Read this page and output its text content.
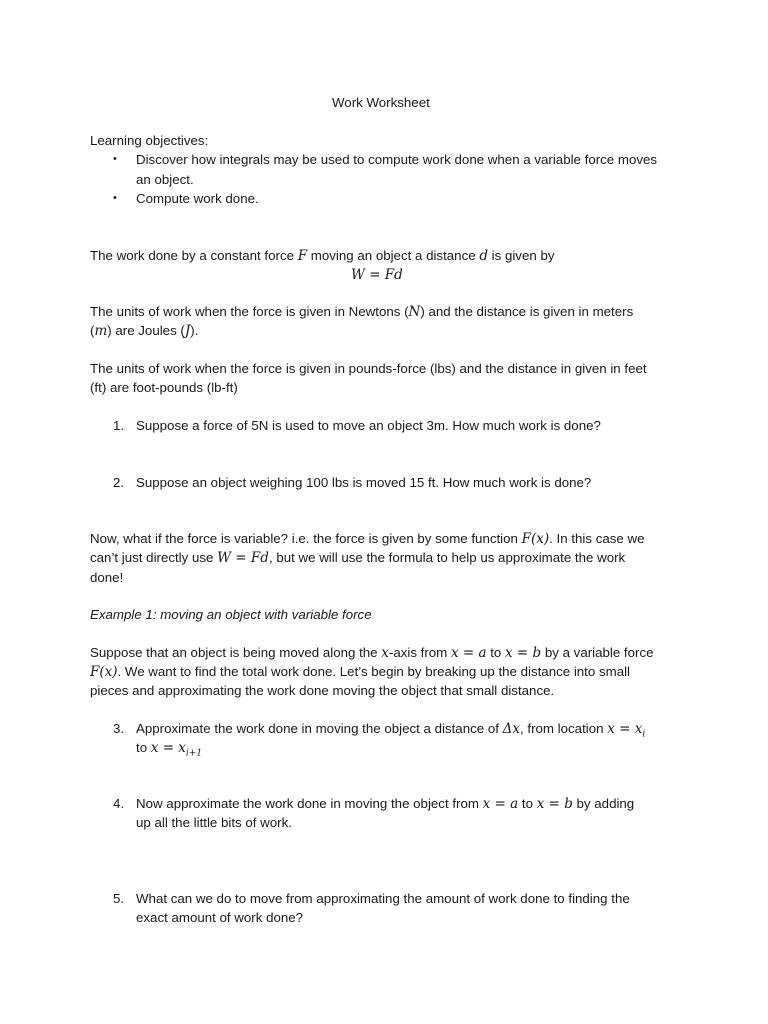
Work Worksheet
Learning objectives:
• Discover how integrals may be used to compute work done when a variable force moves
an object.
• Compute work done.
The work done by a constant force F moving an object a distance d is given by
W = Fd
The units of work when the force is given in Newtons (N) and the distance is given in meters
(m) are Joules (J).
The units of work when the force is given in pounds-force (lbs) and the distance in given in feet
(ft) are foot-pounds (lb-ft)
1. Suppose a force of 5N is used to move an object 3m. How much work is done?
2. Suppose an object weighing 100 lbs is moved 15 ft. How much work is done?
Now, what if the force is variable? i.e. the force is given by some function F(x). In this case we
can’t just directly use W = Fd, but we will use the formula to help us approximate the work
done!
Example 1: moving an object with variable force
Suppose that an object is being moved along the x-axis from x = a to x = b by a variable force
F(x). We want to find the total work done. Let’s begin by breaking up the distance into small
pieces and approximating the work done moving the object that small distance.
3. Approximate the work done in moving the object a distance of Δx, from location $x = x_i$
to $x = x_{i+1}$
4. Now approximate the work done in moving the object from x = a to x = b by adding
up all the little bits of work.
5. What can we do to move from approximating the amount of work done to finding the
exact amount of work done?
